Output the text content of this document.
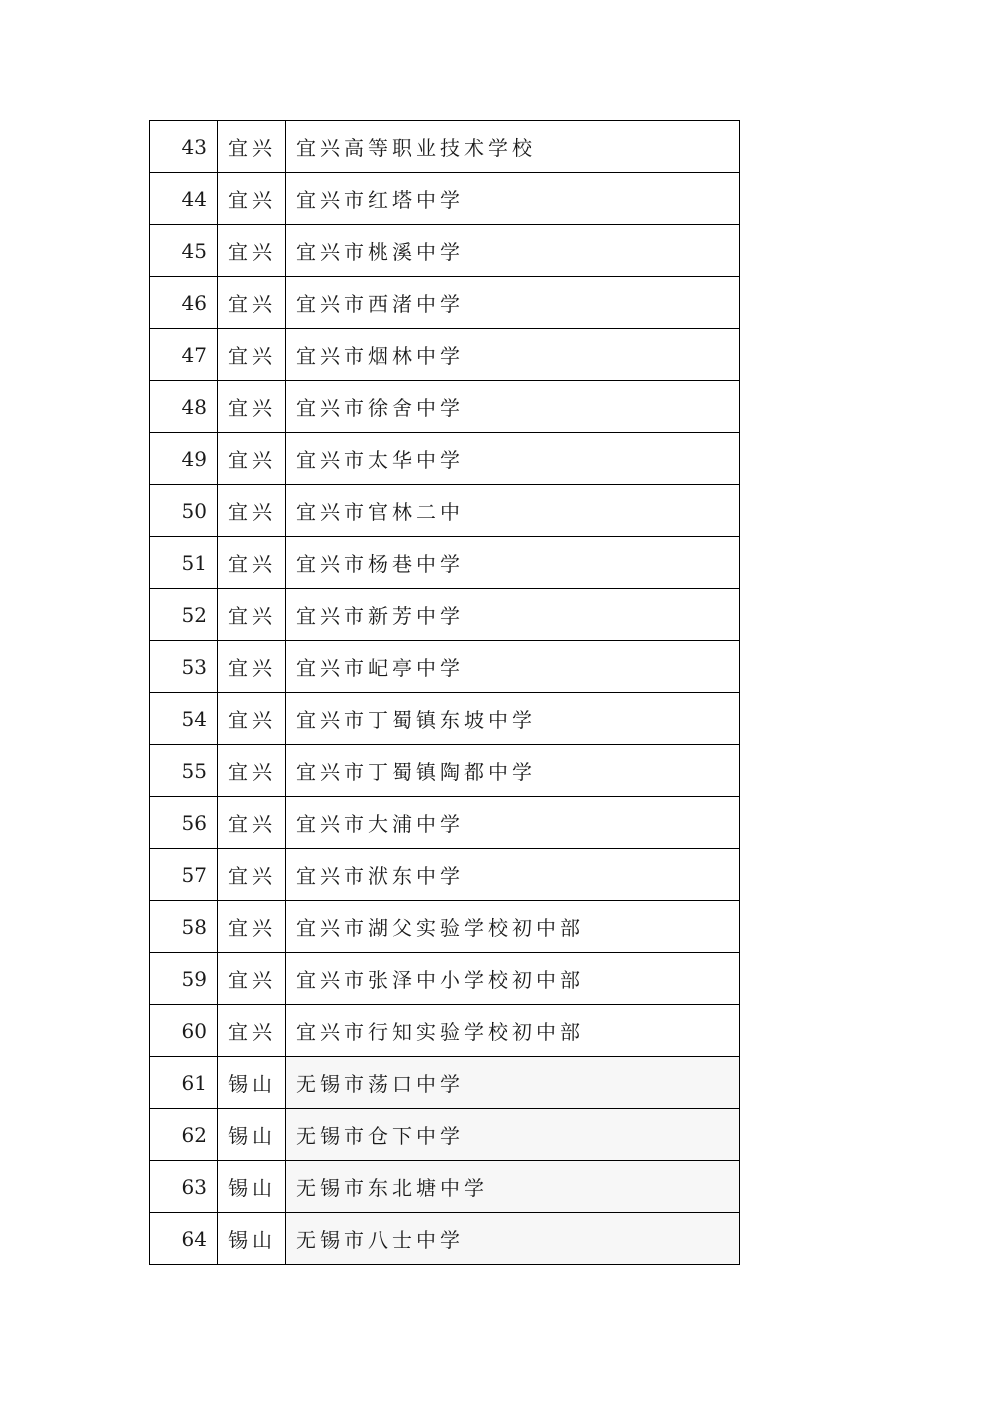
43	宜兴	宜兴高等职业技术学校
44	宜兴	宜兴市红塔中学
45	宜兴	宜兴市桃溪中学
46	宜兴	宜兴市西渚中学
47	宜兴	宜兴市烟林中学
48	宜兴	宜兴市徐舍中学
49	宜兴	宜兴市太华中学
50	宜兴	宜兴市官林二中
51	宜兴	宜兴市杨巷中学
52	宜兴	宜兴市新芳中学
53	宜兴	宜兴市屺亭中学
54	宜兴	宜兴市丁蜀镇东坡中学
55	宜兴	宜兴市丁蜀镇陶都中学
56	宜兴	宜兴市大浦中学
57	宜兴	宜兴市洑东中学
58	宜兴	宜兴市湖父实验学校初中部
59	宜兴	宜兴市张泽中小学校初中部
60	宜兴	宜兴市行知实验学校初中部
61	锡山	无锡市荡口中学
62	锡山	无锡市仓下中学
63	锡山	无锡市东北塘中学
64	锡山	无锡市八士中学
